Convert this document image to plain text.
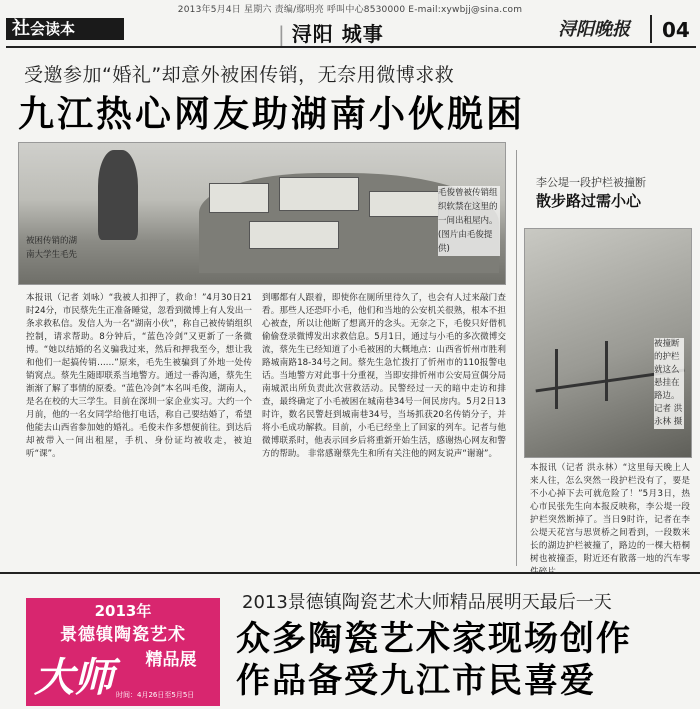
2013年5月4日 星期六 责编/鄢明亮 呼叫中心8530000 E-mail:xywbjj@sina.com
社会读本	| 浔阳 城事	浔阳晚报	04
受邀参加“婚礼”却意外被困传销，无奈用微博求救
九江热心网友助湖南小伙脱困
被困传销的湖南大学生毛先
毛俊曾被传销组织软禁在这里的一间出租屋内。(图片由毛俊提供)
本报讯（记者 刘咏）“我被人扣押了，救命！”4月30日21时24分，市民蔡先生正准备睡觉，忽看到微博上有人发出一条求救私信。发信人为一名“湖南小伙”，称自己被传销组织控制，请求帮助。8分钟后，“蓝色冷剑”又更新了一条微博。“她以结婚的名义骗我过来，然后和押我至今，想让我和他们一起搞传销……”原来，毛先生被骗到了外地一处传销窝点。蔡先生随即联系当地警方。通过一番沟通，蔡先生渐渐了解了事情的原委。“蓝色冷剑”本名叫毛俊，湖南人，是名在校的大三学生。目前在深圳一家企业实习。大约一个月前，他的一名女同学给他打电话，称自己要结婚了，希望他能去山西省参加她的婚礼。毛俊未作多想便前往。到达后却被带入一间出租屋，手机、身份证均被收走，被迫听“课”。
到哪都有人跟着，即使你在厕所里待久了，也会有人过来敲门查看。那些人还恐吓小毛，他们和当地的公安机关很熟，根本不担心被查，所以让他断了想离开的念头。无奈之下，毛俊只好借机偷偷登录微博发出求救信息。5月1日，通过与小毛的多次微博交流，蔡先生已经知道了小毛被困的大概地点：山西省忻州市胜利路城南路18-34号之间。蔡先生急忙拨打了忻州市的110报警电话。当地警方对此事十分重视，当即安排忻州市公安局宣偶分局南城派出所负责此次营救活动。民警经过一天的暗中走访和排查，最终确定了小毛被困在城南巷34号一间民房内。5月2日13时许，数名民警赶到城南巷34号，当场抓获20名传销分子，并将小毛成功解救。目前，小毛已经坐上了回家的列车。记者与他微博联系时，他表示回乡后将重新开始生活，感谢热心网友和警方的帮助。 非常感谢蔡先生和所有关注他的网友说声“谢谢”。
李公堤一段护栏被撞断
散步路过需小心
被撞断的护栏就这么悬挂在路边。 记者 洪永林 摄
本报讯（记者 洪永林）“这里每天晚上人来人往，怎么突然一段护栏没有了，要是不小心掉下去可就危险了！”5月3日，热心市民张先生向本报反映称，李公堤一段护栏突然断掉了。当日9时许，记者在李公堤天花宫与思贤桥之间看到，一段数米长的湖边护栏被撞了，路边的一棵大梧桐树也被撞歪，附近还有散落一地的汽车零
2013年
景德镇陶瓷艺术
大师	精品展
时间：4月26日至5月5日
2013景德镇陶瓷艺术大师精品展明天最后一天
众多陶瓷艺术家现场创作
作品备受九江市民喜爱
